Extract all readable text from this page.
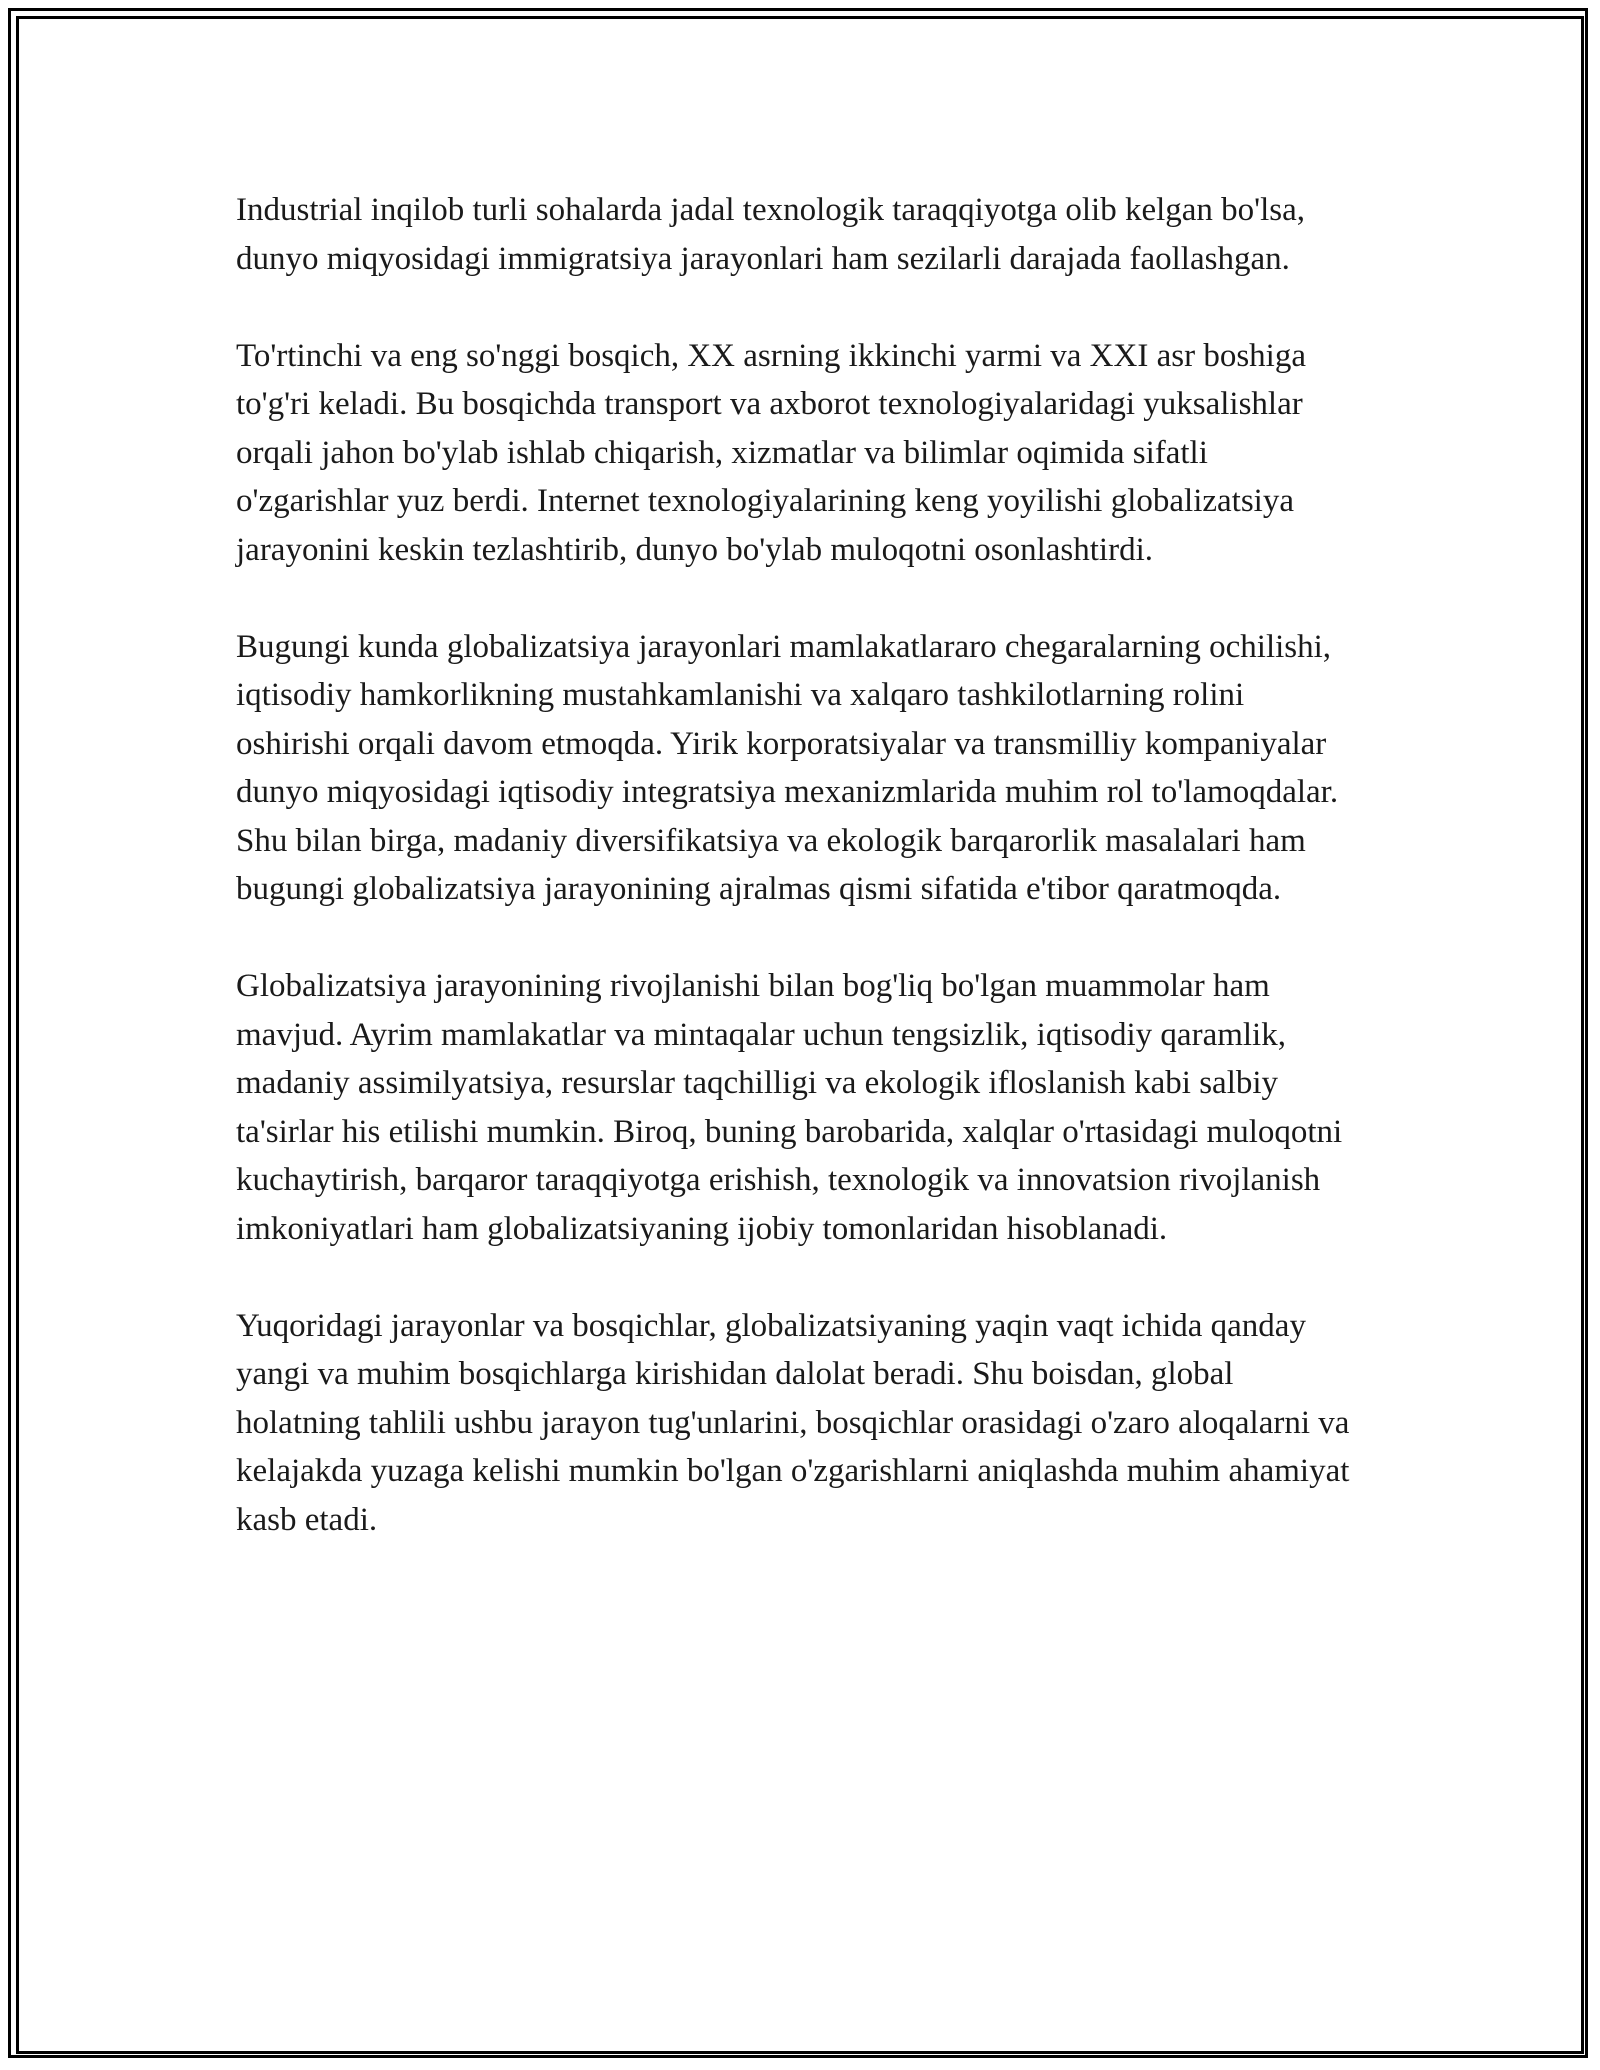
Industrial inqilob turli sohalarda jadal texnologik taraqqiyotga olib kelgan bo'lsa, dunyo miqyosidagi immigratsiya jarayonlari ham sezilarli darajada faollashgan.

To'rtinchi va eng so'nggi bosqich, XX asrning ikkinchi yarmi va XXI asr boshiga to'g'ri keladi. Bu bosqichda transport va axborot texnologiyalaridagi yuksalishlar orqali jahon bo'ylab ishlab chiqarish, xizmatlar va bilimlar oqimida sifatli o'zgarishlar yuz berdi. Internet texnologiyalarining keng yoyilishi globalizatsiya jarayonini keskin tezlashtirib, dunyo bo'ylab muloqotni osonlashtirdi.

Bugungi kunda globalizatsiya jarayonlari mamlakatlararo chegaralarning ochilishi, iqtisodiy hamkorlikning mustahkamlanishi va xalqaro tashkilotlarning rolini oshirishi orqali davom etmoqda. Yirik korporatsiyalar va transmilliy kompaniyalar dunyo miqyosidagi iqtisodiy integratsiya mexanizmlarida muhim rol to'lamoqdalar. Shu bilan birga, madaniy diversifikatsiya va ekologik barqarorlik masalalari ham bugungi globalizatsiya jarayonining ajralmas qismi sifatida e'tibor qaratmoqda.

Globalizatsiya jarayonining rivojlanishi bilan bog'liq bo'lgan muammolar ham mavjud. Ayrim mamlakatlar va mintaqalar uchun tengsizlik, iqtisodiy qaramlik, madaniy assimilyatsiya, resurslar taqchilligi va ekologik ifloslanish kabi salbiy ta'sirlar his etilishi mumkin. Biroq, buning barobarida, xalqlar o'rtasidagi muloqotni kuchaytirish, barqaror taraqqiyotga erishish, texnologik va innovatsion rivojlanish imkoniyatlari ham globalizatsiyaning ijobiy tomonlaridan hisoblanadi.

Yuqoridagi jarayonlar va bosqichlar, globalizatsiyaning yaqin vaqt ichida qanday yangi va muhim bosqichlarga kirishidan dalolat beradi. Shu boisdan, global holatning tahlili ushbu jarayon tug'unlarini, bosqichlar orasidagi o'zaro aloqalarni va kelajakda yuzaga kelishi mumkin bo'lgan o'zgarishlarni aniqlashda muhim ahamiyat kasb etadi.
